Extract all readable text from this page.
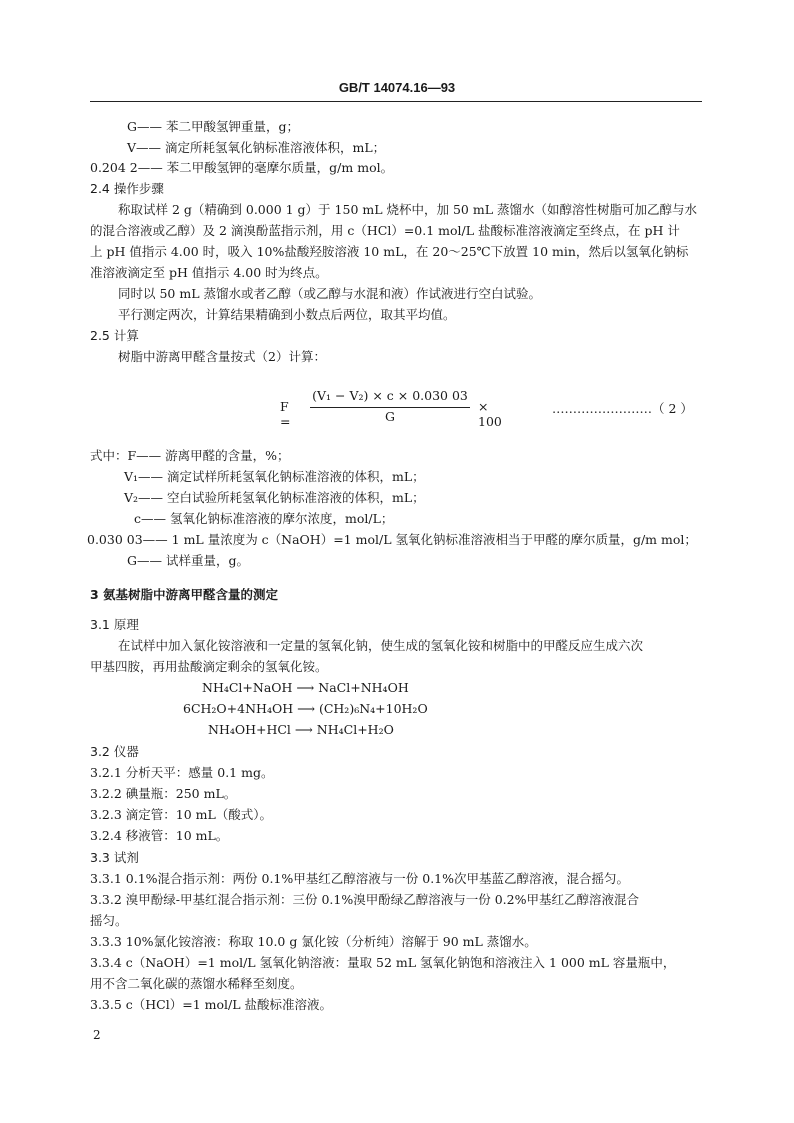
GB/T 14074.16—93
G—— 苯二甲酸氢钾重量，g；
V—— 滴定所耗氢氧化钠标准溶液体积，mL；
0.204 2—— 苯二甲酸氢钾的毫摩尔质量，g/m mol。
2.4 操作步骤
称取试样 2 g（精确到 0.000 1 g）于 150 mL 烧杯中，加 50 mL 蒸馏水（如醇溶性树脂可加乙醇与水
的混合溶液或乙醇）及 2 滴溴酚蓝指示剂，用 c（HCl）=0.1 mol/L 盐酸标准溶液滴定至终点，在 pH 计
上 pH 值指示 4.00 时，吸入 10%盐酸羟胺溶液 10 mL，在 20～25℃下放置 10 min，然后以氢氧化钠标
准溶液滴定至 pH 值指示 4.00 时为终点。
同时以 50 mL 蒸馏水或者乙醇（或乙醇与水混和液）作试液进行空白试验。
平行测定两次，计算结果精确到小数点后两位，取其平均值。
2.5 计算
树脂中游离甲醛含量按式（2）计算：
F =
(V₁ − V₂) × c × 0.030 03
G
× 100
……………………（ 2 ）
式中：F—— 游离甲醛的含量，%；
V₁—— 滴定试样所耗氢氧化钠标准溶液的体积，mL；
V₂—— 空白试验所耗氢氧化钠标准溶液的体积，mL；
c—— 氢氧化钠标准溶液的摩尔浓度，mol/L；
0.030 03—— 1 mL 量浓度为 c（NaOH）=1 mol/L 氢氧化钠标准溶液相当于甲醛的摩尔质量，g/m mol；
G—— 试样重量，g。
3 氨基树脂中游离甲醛含量的测定
3.1 原理
在试样中加入氯化铵溶液和一定量的氢氧化钠，使生成的氢氧化铵和树脂中的甲醛反应生成六次
甲基四胺，再用盐酸滴定剩余的氢氧化铵。
NH₄Cl+NaOH ⟶ NaCl+NH₄OH
6CH₂O+4NH₄OH ⟶ (CH₂)₆N₄+10H₂O
NH₄OH+HCl ⟶ NH₄Cl+H₂O
3.2 仪器
3.2.1 分析天平：感量 0.1 mg。
3.2.2 碘量瓶：250 mL。
3.2.3 滴定管：10 mL（酸式）。
3.2.4 移液管：10 mL。
3.3 试剂
3.3.1 0.1%混合指示剂：两份 0.1%甲基红乙醇溶液与一份 0.1%次甲基蓝乙醇溶液，混合摇匀。
3.3.2 溴甲酚绿-甲基红混合指示剂：三份 0.1%溴甲酚绿乙醇溶液与一份 0.2%甲基红乙醇溶液混合
摇匀。
3.3.3 10%氯化铵溶液：称取 10.0 g 氯化铵（分析纯）溶解于 90 mL 蒸馏水。
3.3.4 c（NaOH）=1 mol/L 氢氧化钠溶液：量取 52 mL 氢氧化钠饱和溶液注入 1 000 mL 容量瓶中，
用不含二氧化碳的蒸馏水稀释至刻度。
3.3.5 c（HCl）=1 mol/L 盐酸标准溶液。
2
